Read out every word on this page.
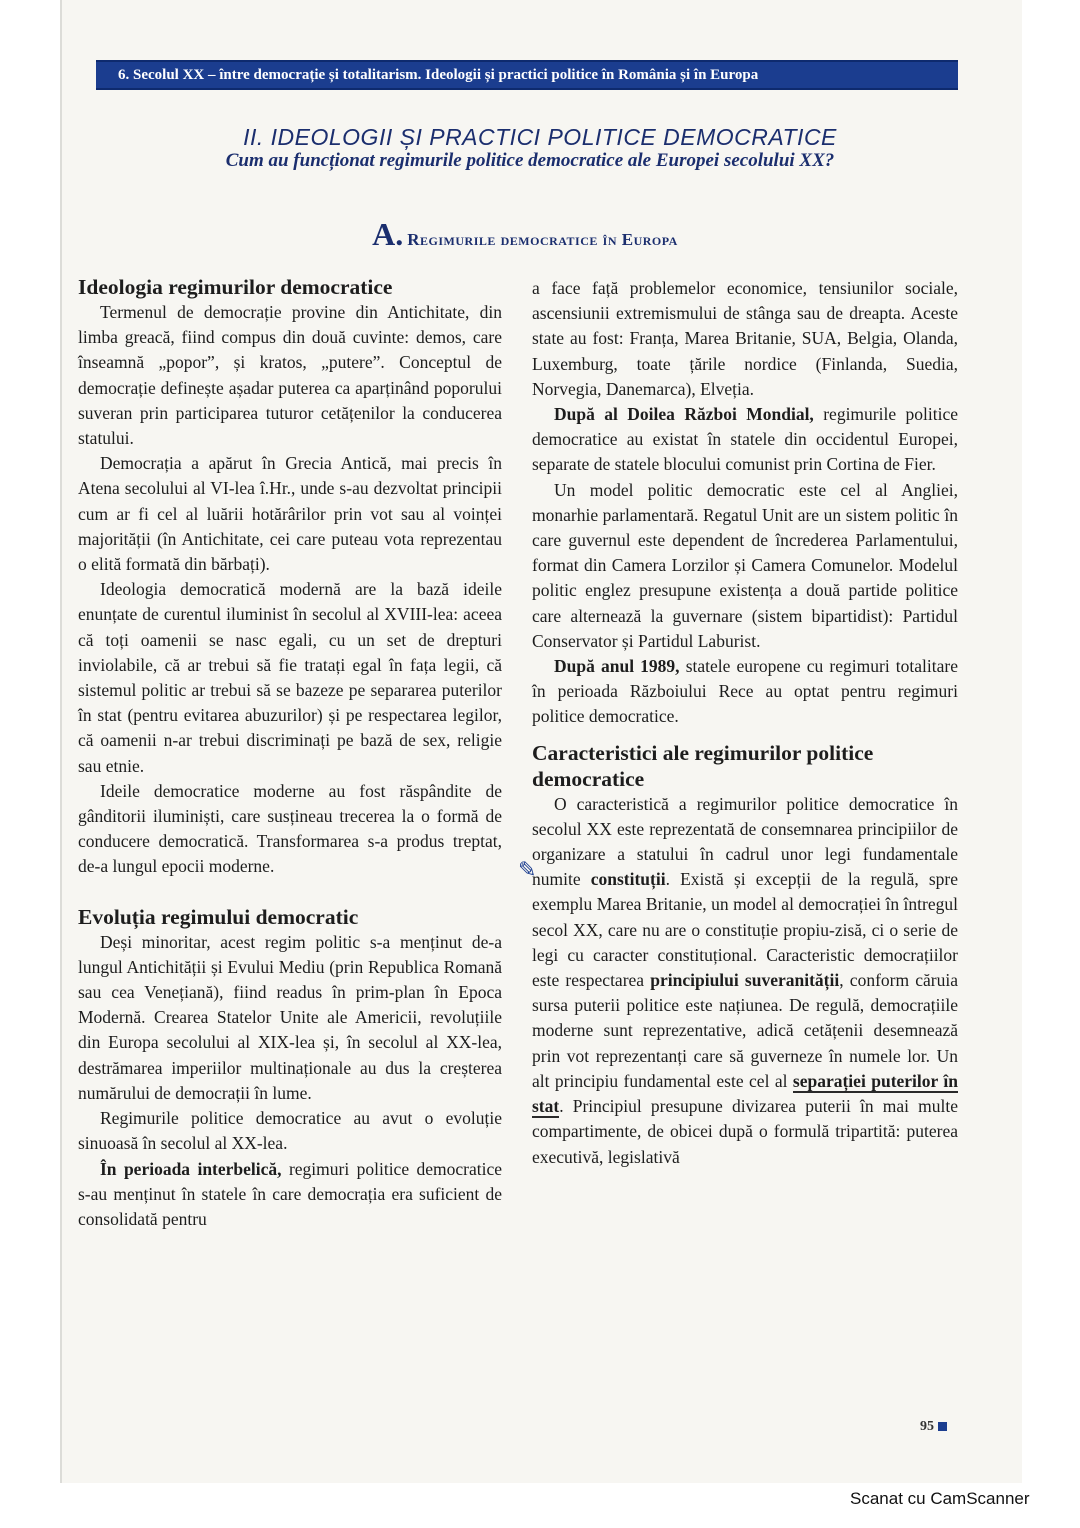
6. Secolul XX – între democrație și totalitarism. Ideologii și practici politice în România și în Europa
II. IDEOLOGII ȘI PRACTICI POLITICE DEMOCRATICE
Cum au funcționat regimurile politice democratice ale Europei secolului XX?
A. Regimurile democratice în Europa
Ideologia regimurilor democratice

Termenul de democrație provine din Antichitate, din limba greacă, fiind compus din două cuvinte: demos, care înseamnă „popor”, și kratos, „putere”. Conceptul de democrație definește așadar puterea ca aparținând poporului suveran prin participarea tuturor cetățenilor la conducerea statului.

Democrația a apărut în Grecia Antică, mai precis în Atena secolului al VI-lea î.Hr., unde s-au dezvoltat principii cum ar fi cel al luării hotărârilor prin vot sau al voinței majorității (în Antichitate, cei care puteau vota reprezentau o elită formată din bărbați).

Ideologia democratică modernă are la bază ideile enunțate de curentul iluminist în secolul al XVIII-lea: aceea că toți oamenii se nasc egali, cu un set de drepturi inviolabile, că ar trebui să fie tratați egal în fața legii, că sistemul politic ar trebui să se bazeze pe separarea puterilor în stat (pentru evitarea abuzurilor) și pe respectarea legilor, că oamenii n-ar trebui discriminați pe bază de sex, religie sau etnie.

Ideile democratice moderne au fost răspândite de gânditorii iluminiști, care susțineau trecerea la o formă de conducere democratică. Transformarea s-a produs treptat, de-a lungul epocii moderne.

Evoluția regimului democratic

Deși minoritar, acest regim politic s-a menținut de-a lungul Antichității și Evului Mediu (prin Republica Romană sau cea Venețiană), fiind readus în prim-plan în Epoca Modernă. Crearea Statelor Unite ale Americii, revoluțiile din Europa secolului al XIX-lea și, în secolul al XX-lea, destrămarea imperiilor multinaționale au dus la creșterea numărului de democrații în lume.

Regimurile politice democratice au avut o evoluție sinuoasă în secolul al XX-lea.

În perioada interbelică, regimuri politice democratice s-au menținut în statele în care democrația era suficient de consolidată pentru

a face față problemelor economice, tensiunilor sociale, ascensiunii extremismului de stânga sau de dreapta. Aceste state au fost: Franța, Marea Britanie, SUA, Belgia, Olanda, Luxemburg, toate țările nordice (Finlanda, Suedia, Norvegia, Danemarca), Elveția.

După al Doilea Război Mondial, regimurile politice democratice au existat în statele din occidentul Europei, separate de statele blocului comunist prin Cortina de Fier.

Un model politic democratic este cel al Angliei, monarhie parlamentară. Regatul Unit are un sistem politic în care guvernul este dependent de încrederea Parlamentului, format din Camera Lorzilor și Camera Comunelor. Modelul politic englez presupune existența a două partide politice care alternează la guvernare (sistem bipartidist): Partidul Conservator și Partidul Laburist.

După anul 1989, statele europene cu regimuri totalitare în perioada Războiului Rece au optat pentru regimuri politice democratice.

Caracteristici ale regimurilor politice democratice

O caracteristică a regimurilor politice democratice în secolul XX este reprezentată de consemnarea principiilor de organizare a statului în cadrul unor legi fundamentale numite constituții. Există și excepții de la regulă, spre exemplu Marea Britanie, un model al democrației în întregul secol XX, care nu are o constituție propiu-zisă, ci o serie de legi cu caracter constituțional. Caracteristic democrațiilor este respectarea principiului suveranității, conform căruia sursa puterii politice este națiunea. De regulă, democrațiile moderne sunt reprezentative, adică cetățenii desemnează prin vot reprezentanți care să guverneze în numele lor. Un alt principiu fundamental este cel al separației puterilor în stat. Principiul presupune divizarea puterii în mai multe compartimente, de obicei după o formulă tripartită: puterea executivă, legislativă

✎
95
Scanat cu CamScanner
